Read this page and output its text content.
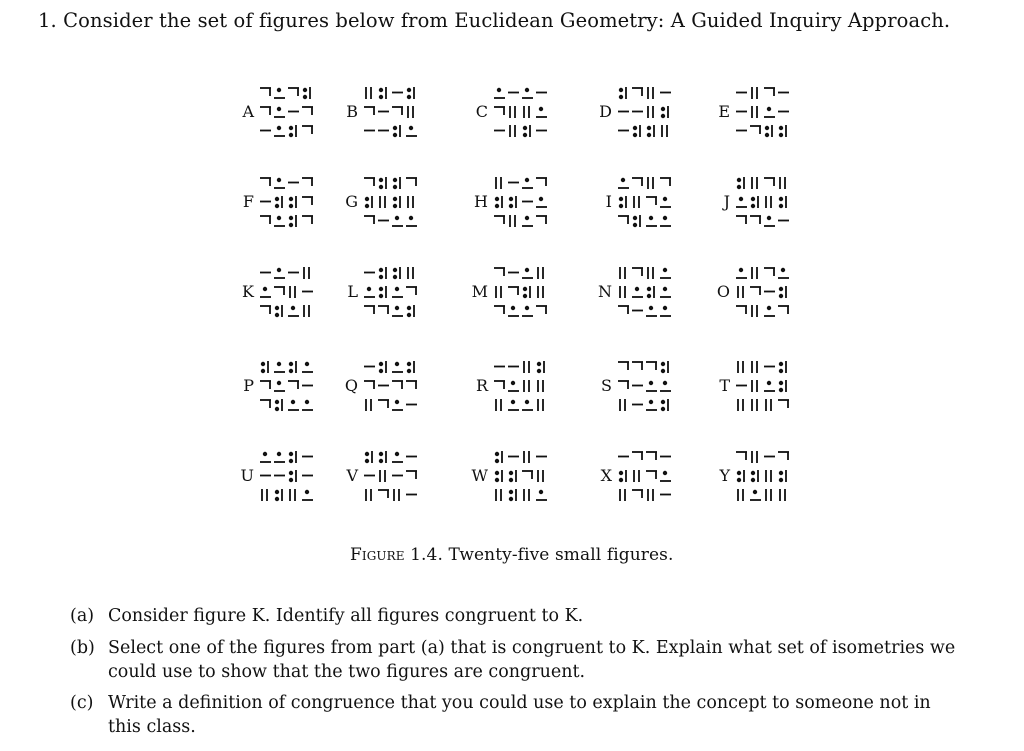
1. Consider the set of figures below from Euclidean Geometry: A Guided Inquiry Approach.
A	B	C	D	E
F	G	H	I	J
K	L	M	N	O
P	Q	R	S	T
U	V	W	X	Y
Figure 1.4. Twenty-five small figures.
(a) Consider figure K. Identify all figures congruent to K.
(b) Select one of the figures from part (a) that is congruent to K. Explain what set of isometries we could use to show that the two figures are congruent.
(c) Write a definition of congruence that you could use to explain the concept to someone not in this class.
